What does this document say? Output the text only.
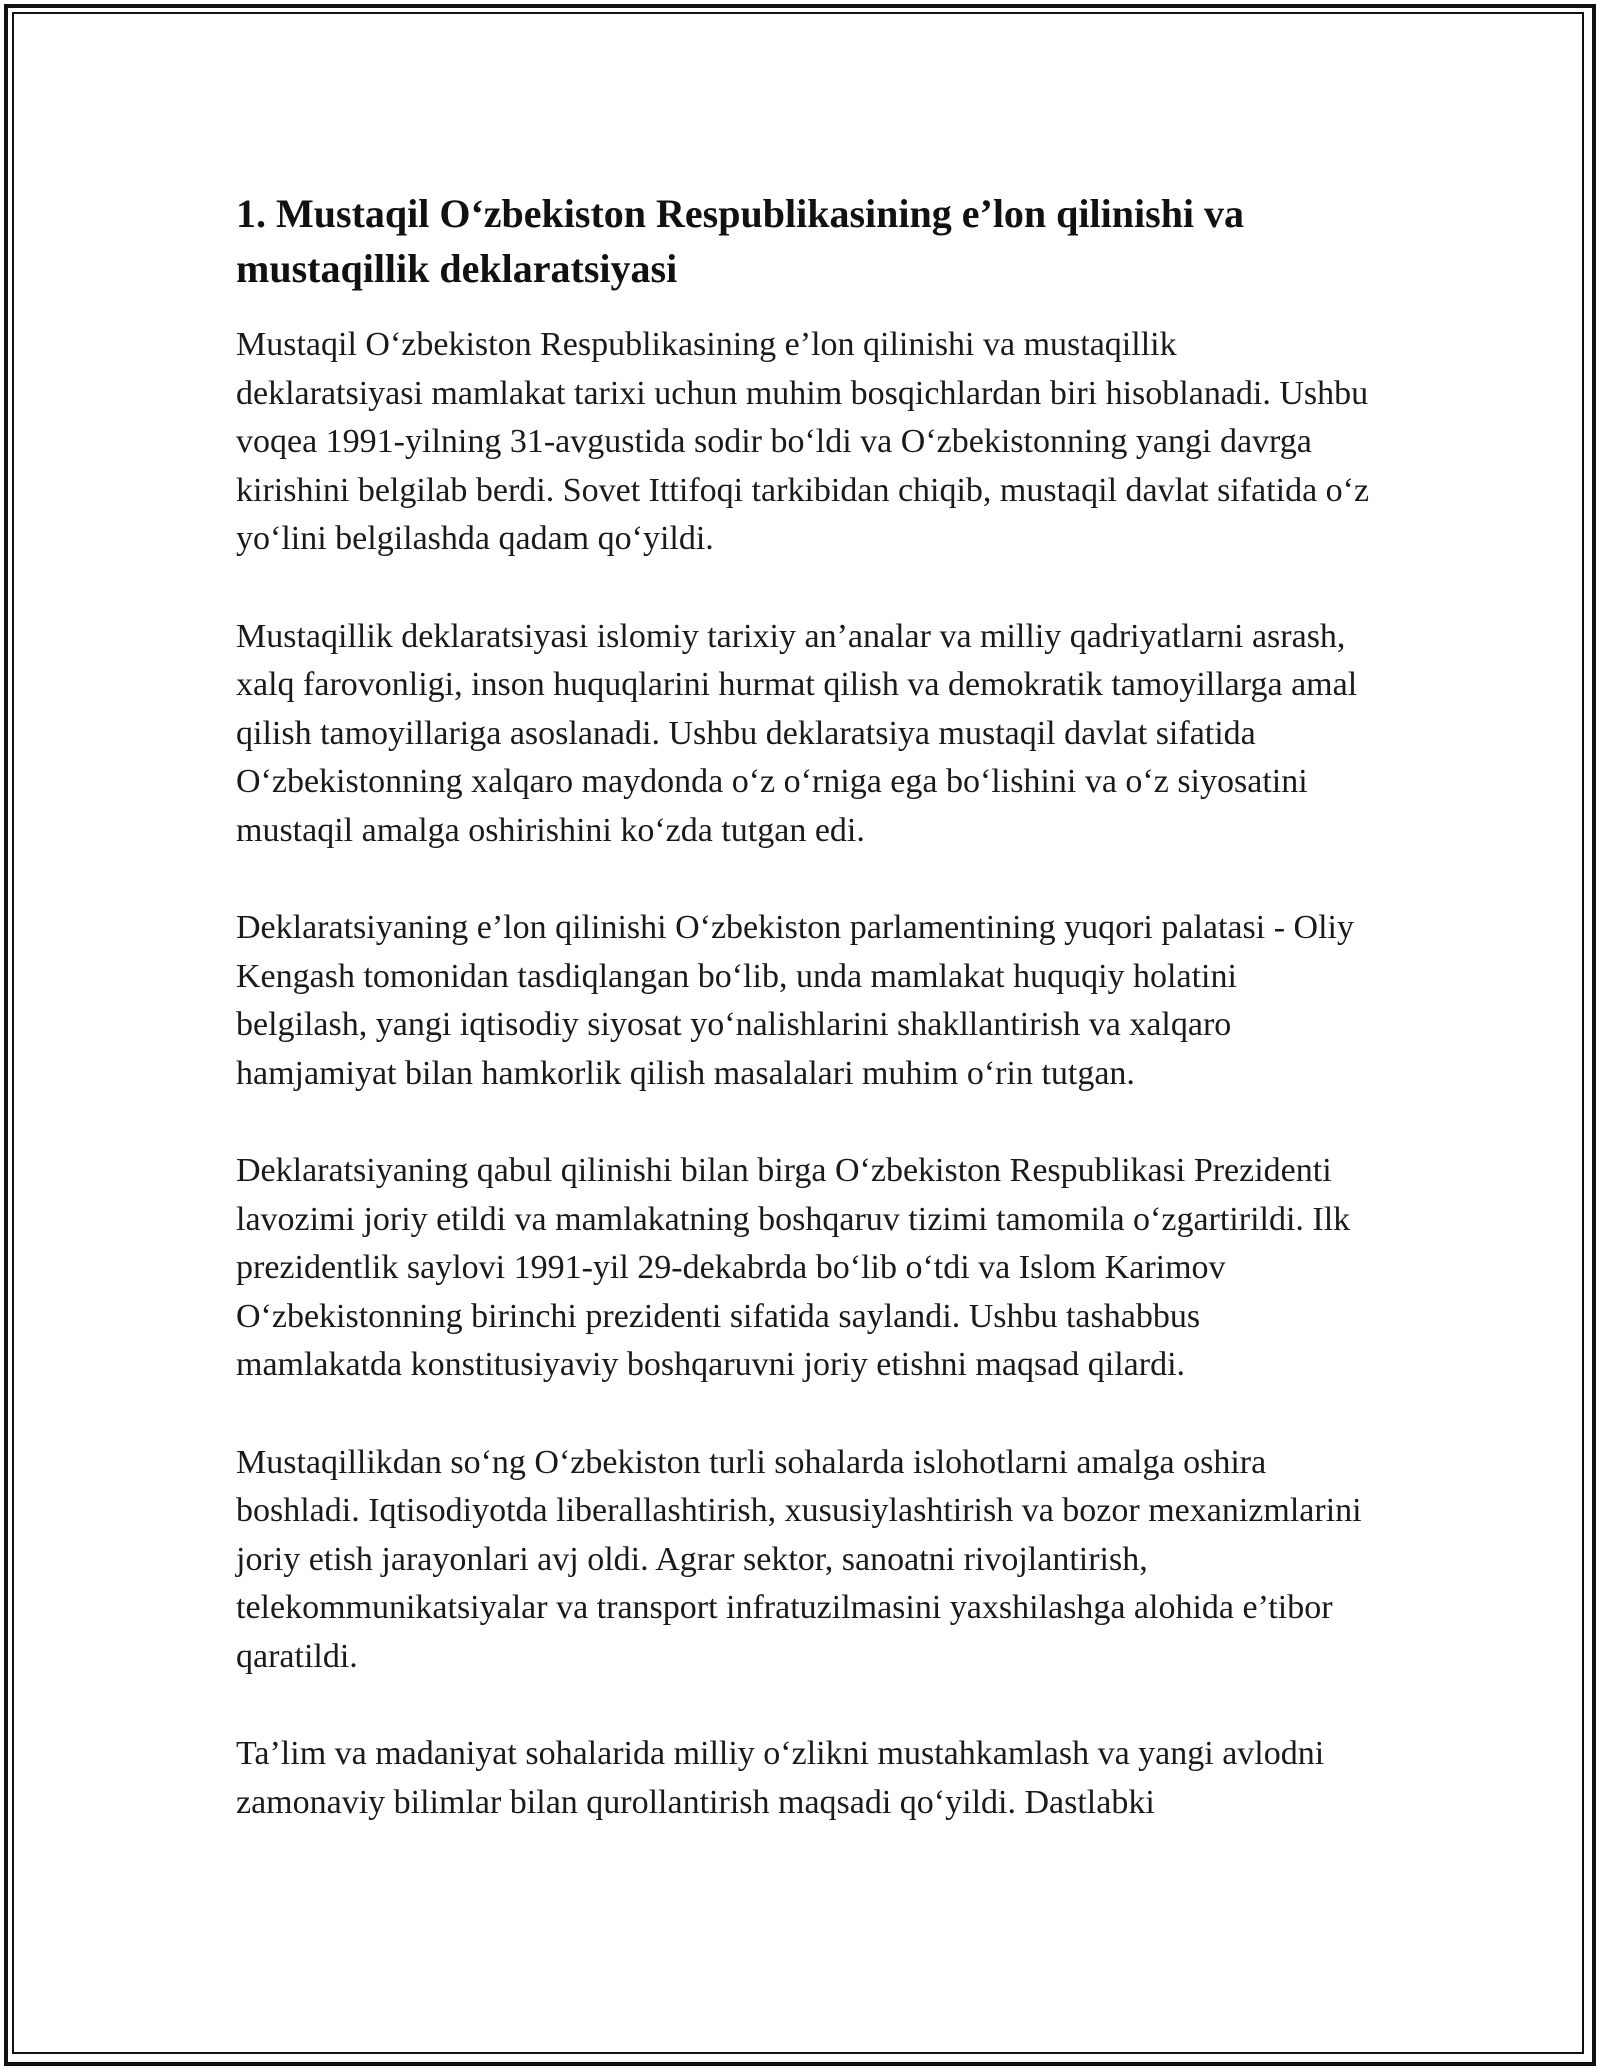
1. Mustaqil O‘zbekiston Respublikasining e’lon qilinishi va mustaqillik deklaratsiyasi

Mustaqil O‘zbekiston Respublikasining e’lon qilinishi va mustaqillik deklaratsiyasi mamlakat tarixi uchun muhim bosqichlardan biri hisoblanadi. Ushbu voqea 1991-yilning 31-avgustida sodir bo‘ldi va O‘zbekistonning yangi davrga kirishini belgilab berdi. Sovet Ittifoqi tarkibidan chiqib, mustaqil davlat sifatida o‘z yo‘lini belgilashda qadam qo‘yildi.

Mustaqillik deklaratsiyasi islomiy tarixiy an’analar va milliy qadriyatlarni asrash, xalq farovonligi, inson huquqlarini hurmat qilish va demokratik tamoyillarga amal qilish tamoyillariga asoslanadi. Ushbu deklaratsiya mustaqil davlat sifatida O‘zbekistonning xalqaro maydonda o‘z o‘rniga ega bo‘lishini va o‘z siyosatini mustaqil amalga oshirishini ko‘zda tutgan edi.

Deklaratsiyaning e’lon qilinishi O‘zbekiston parlamentining yuqori palatasi - Oliy Kengash tomonidan tasdiqlangan bo‘lib, unda mamlakat huquqiy holatini belgilash, yangi iqtisodiy siyosat yo‘nalishlarini shakllantirish va xalqaro hamjamiyat bilan hamkorlik qilish masalalari muhim o‘rin tutgan.

Deklaratsiyaning qabul qilinishi bilan birga O‘zbekiston Respublikasi Prezidenti lavozimi joriy etildi va mamlakatning boshqaruv tizimi tamomila o‘zgartirildi. Ilk prezidentlik saylovi 1991-yil 29-dekabrda bo‘lib o‘tdi va Islom Karimov O‘zbekistonning birinchi prezidenti sifatida saylandi. Ushbu tashabbus mamlakatda konstitusiyaviy boshqaruvni joriy etishni maqsad qilardi.

Mustaqillikdan so‘ng O‘zbekiston turli sohalarda islohotlarni amalga oshira boshladi. Iqtisodiyotda liberallashtirish, xususiylashtirish va bozor mexanizmlarini joriy etish jarayonlari avj oldi. Agrar sektor, sanoatni rivojlantirish, telekommunikatsiyalar va transport infratuzilmasini yaxshilashga alohida e’tibor qaratildi.

Ta’lim va madaniyat sohalarida milliy o‘zlikni mustahkamlash va yangi avlodni zamonaviy bilimlar bilan qurollantirish maqsadi qo‘yildi. Dastlabki
